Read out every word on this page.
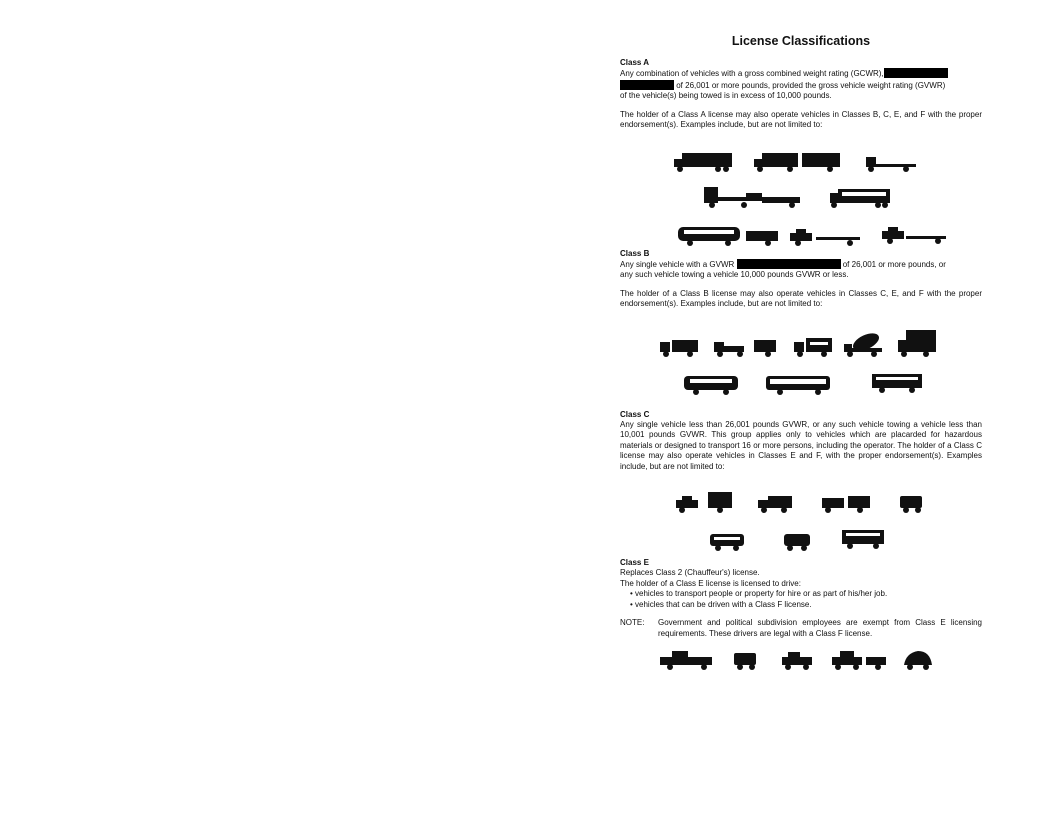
License Classifications

Class A

Any combination of vehicles with a gross combined weight rating (GCWR),
of 26,001 or more pounds, provided the gross vehicle weight rating (GVWR)
of the vehicle(s) being towed is in excess of 10,000 pounds.

The holder of a Class A license may also operate vehicles in Classes B, C, E, and F with the proper endorsement(s). Examples include, but are not limited to:

Class B

Any single vehicle with a GVWR	of 26,001 or more pounds, or
any such vehicle towing a vehicle 10,000 pounds GVWR or less.

The holder of a Class B license may also operate vehicles in Classes C, E, and F with the proper endorsement(s). Examples include, but are not limited to:

Class C

Any single vehicle less than 26,001 pounds GVWR, or any such vehicle towing a vehicle less than 10,001 pounds GVWR. This group applies only to vehicles which are placarded for hazardous materials or designed to transport 16 or more persons, including the operator. The holder of a Class C license may also operate vehicles in Classes E and F, with the proper endorsement(s). Examples include, but are not limited to:

Class E

Replaces Class 2 (Chauffeur's) license.

The holder of a Class E license is licensed to drive:

• vehicles to transport people or property for hire or as part of his/her job.
• vehicles that can be driven with a Class F license.
NOTE:	Government and political subdivision employees are exempt from Class E licensing requirements. These drivers are legal with a Class F license.
